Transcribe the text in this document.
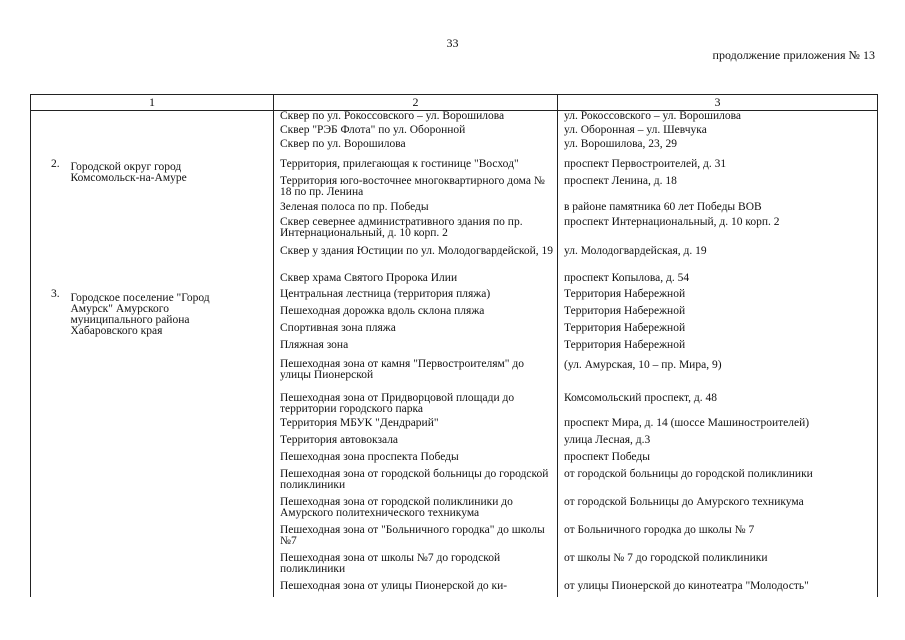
33
продолжение приложения № 13
1		2	3
		Сквер по ул. Рокоссовского – ул. Ворошилова	ул. Рокоссовского – ул. Ворошилова
		Сквер "РЭБ Флота" по ул. Оборонной	ул. Оборонная – ул. Шевчука
		Сквер по ул. Ворошилова	ул. Ворошилова, 23, 29
2.	Городской округ город Комсомольск-на-Амуре	Территория, прилегающая к гостинице "Восход"	проспект Первостроителей, д. 31
		Территория юго-восточнее многоквартирного дома № 18 по пр. Ленина	проспект Ленина, д. 18
		Зеленая полоса по пр. Победы	в районе памятника 60 лет Победы ВОВ
		Сквер севернее административного здания по пр. Интернациональный, д. 10 корп. 2	проспект Интернациональный, д. 10 корп. 2
		Сквер у здания Юстиции по ул. Молодогвардейской, 19	ул. Молодогвардейская, д. 19
		Сквер храма Святого Пророка Илии	проспект Копылова, д. 54
3.	Городское поселение "Город Амурск" Амурского муниципального района Хабаровского края	Центральная лестница (территория пляжа)	Территория Набережной
		Пешеходная дорожка вдоль склона пляжа	Территория Набережной
		Спортивная зона пляжа	Территория Набережной
		Пляжная зона	Территория Набережной
		Пешеходная зона от камня "Первостроителям" до улицы Пионерской	(ул. Амурская, 10 – пр. Мира, 9)
		Пешеходная зона от Придворцовой площади до территории городского парка	Комсомольский проспект, д. 48
		Территория МБУК "Дендрарий"	проспект Мира, д. 14 (шоссе Машиностроителей)
		Территория автовокзала	улица Лесная, д.3
		Пешеходная зона проспекта Победы	проспект Победы
		Пешеходная зона от городской больницы до городской поликлиники	от городской больницы до городской поликлиники
		Пешеходная зона от городской поликлиники до Амурского политехнического техникума	от городской Больницы до Амурского техникума
		Пешеходная зона от "Больничного городка" до школы №7	от Больничного городка до школы № 7
		Пешеходная зона от школы №7 до городской поликлиники	от школы № 7 до городской поликлиники
		Пешеходная зона от улицы Пионерской до ки-	от улицы Пионерской до кинотеатра "Молодость"
